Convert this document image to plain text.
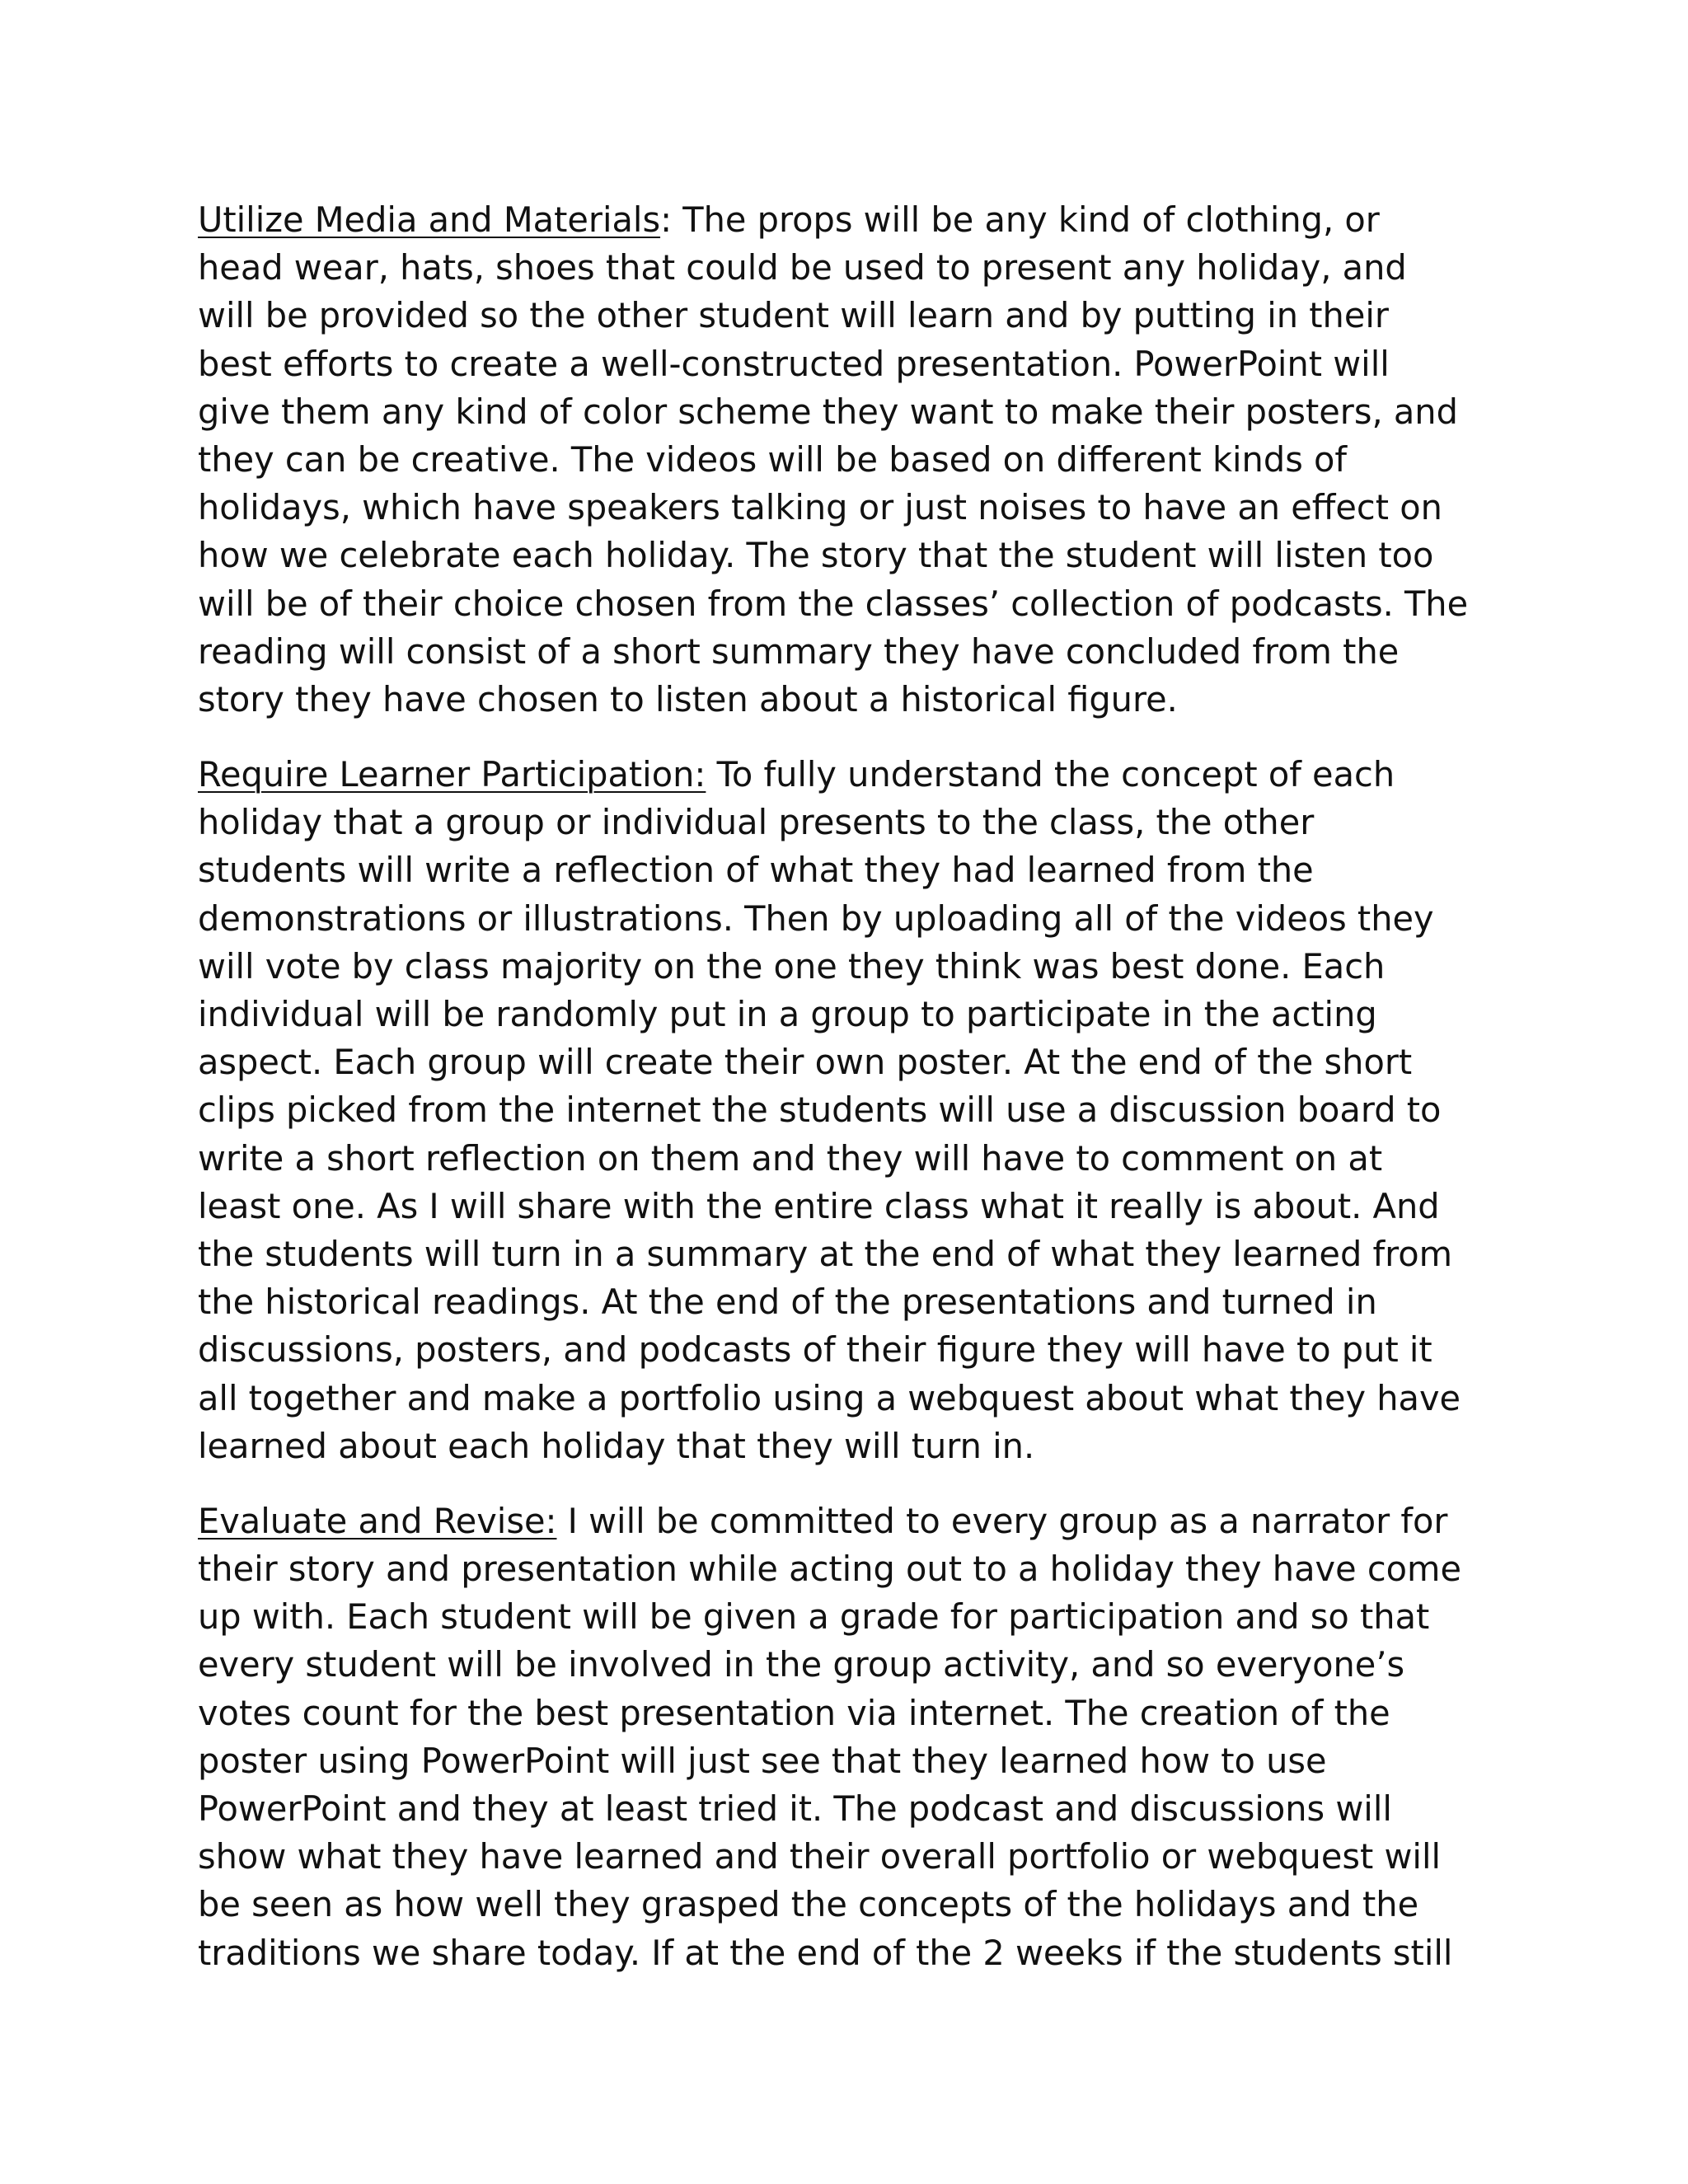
Utilize Media and Materials: The props will be any kind of clothing, or
head wear, hats, shoes that could be used to present any holiday, and
will be provided so the other student will learn and by putting in their
best efforts to create a well-constructed presentation. PowerPoint will
give them any kind of color scheme they want to make their posters, and
they can be creative. The videos will be based on different kinds of
holidays, which have speakers talking or just noises to have an effect on
how we celebrate each holiday. The story that the student will listen too
will be of their choice chosen from the classes’ collection of podcasts. The
reading will consist of a short summary they have concluded from the
story they have chosen to listen about a historical figure.
Require Learner Participation: To fully understand the concept of each
holiday that a group or individual presents to the class, the other
students will write a reflection of what they had learned from the
demonstrations or illustrations. Then by uploading all of the videos they
will vote by class majority on the one they think was best done. Each
individual will be randomly put in a group to participate in the acting
aspect. Each group will create their own poster. At the end of the short
clips picked from the internet the students will use a discussion board to
write a short reflection on them and they will have to comment on at
least one. As I will share with the entire class what it really is about. And
the students will turn in a summary at the end of what they learned from
the historical readings. At the end of the presentations and turned in
discussions, posters, and podcasts of their figure they will have to put it
all together and make a portfolio using a webquest about what they have
learned about each holiday that they will turn in.
Evaluate and Revise: I will be committed to every group as a narrator for
their story and presentation while acting out to a holiday they have come
up with. Each student will be given a grade for participation and so that
every student will be involved in the group activity, and so everyone’s
votes count for the best presentation via internet. The creation of the
poster using PowerPoint will just see that they learned how to use
PowerPoint and they at least tried it. The podcast and discussions will
show what they have learned and their overall portfolio or webquest will
be seen as how well they grasped the concepts of the holidays and the
traditions we share today. If at the end of the 2 weeks if the students still
